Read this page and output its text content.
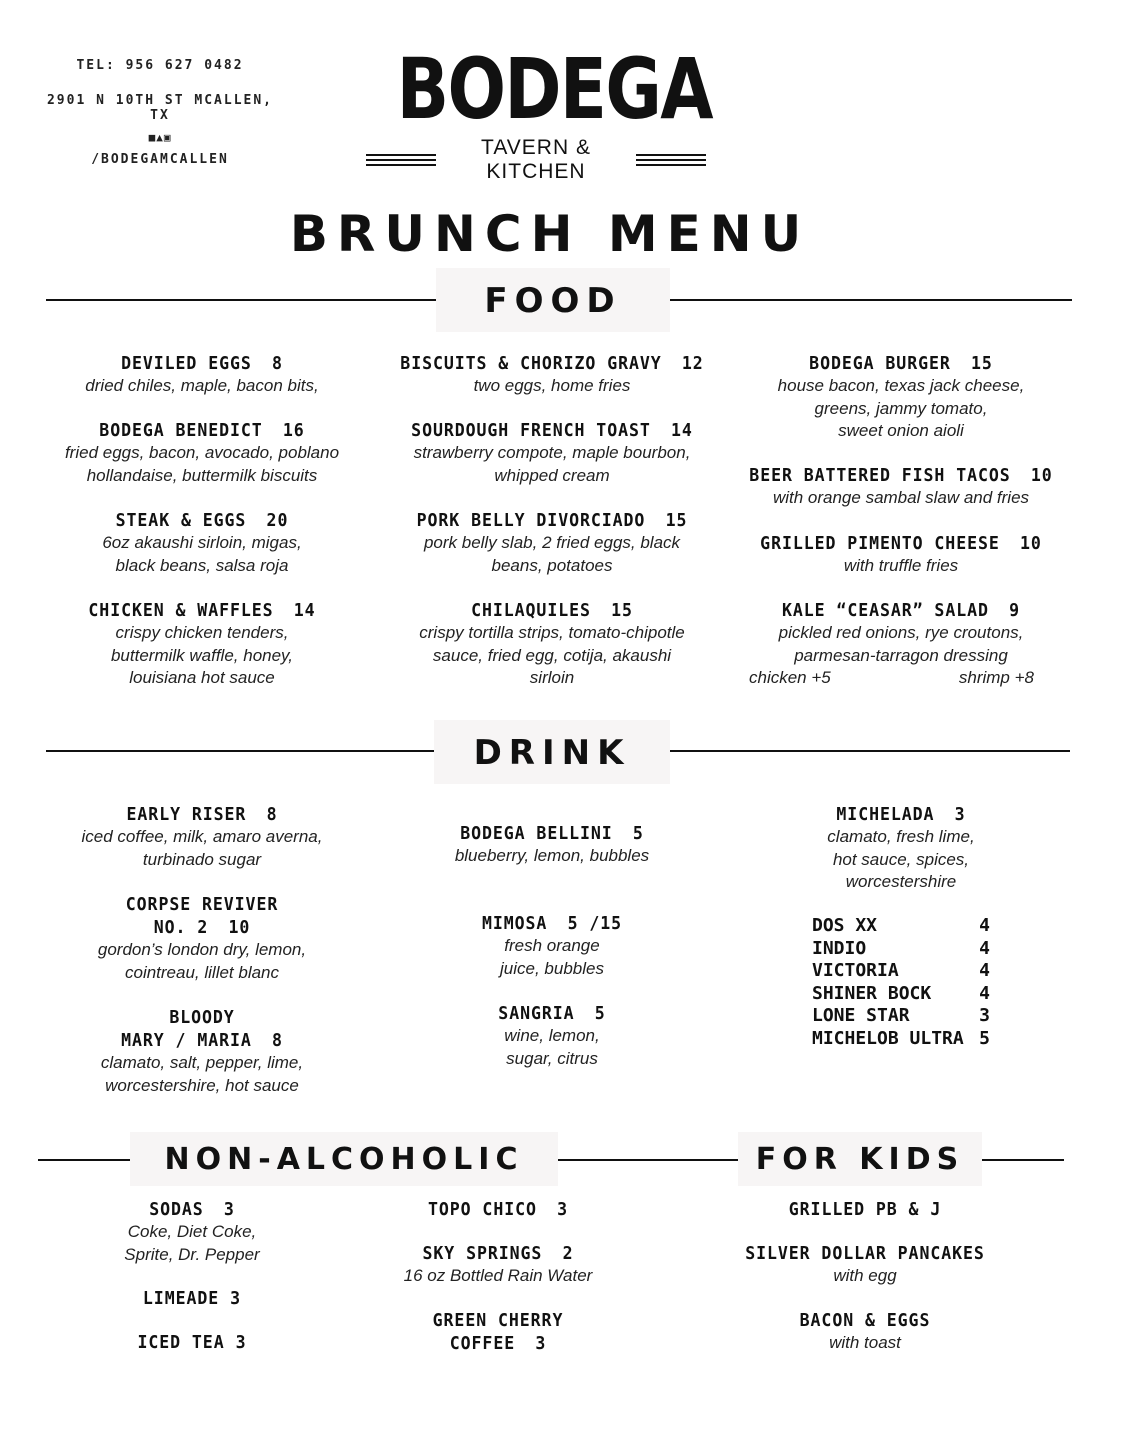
TEL: 956 627 0482
2901 N 10TH ST MCALLEN, TX
■▲▣
/BODEGAMCALLEN
BODEGA
TAVERN & KITCHEN
BRUNCH MENU
FOOD
DEVILED EGGS 8
dried chiles, maple, bacon bits,
BODEGA BENEDICT 16
fried eggs, bacon, avocado, poblano
hollandaise, buttermilk biscuits
STEAK & EGGS 20
6oz akaushi sirloin, migas,
black beans, salsa roja
CHICKEN & WAFFLES 14
crispy chicken tenders,
buttermilk waffle, honey,
louisiana hot sauce
BISCUITS & CHORIZO GRAVY 12
two eggs, home fries
SOURDOUGH FRENCH TOAST 14
strawberry compote, maple bourbon,
whipped cream
PORK BELLY DIVORCIADO 15
pork belly slab, 2 fried eggs, black
beans, potatoes
CHILAQUILES 15
crispy tortilla strips, tomato-chipotle
sauce, fried egg, cotija, akaushi
sirloin
BODEGA BURGER 15
house bacon, texas jack cheese,
greens, jammy tomato,
sweet onion aioli
BEER BATTERED FISH TACOS 10
with orange sambal slaw and fries
GRILLED PIMENTO CHEESE 10
with truffle fries
KALE “CEASAR” SALAD 9
pickled red onions, rye croutons,
parmesan-tarragon dressing
chicken +5	shrimp +8
DRINK
EARLY RISER 8
iced coffee, milk, amaro averna,
turbinado sugar
CORPSE REVIVER
NO. 2 10
gordon’s london dry, lemon,
cointreau, lillet blanc
BLOODY
MARY / MARIA 8
clamato, salt, pepper, lime,
worcestershire, hot sauce
BODEGA BELLINI 5
blueberry, lemon, bubbles
MIMOSA 5 /15
fresh orange
juice, bubbles
SANGRIA 5
wine, lemon,
sugar, citrus
MICHELADA 3
clamato, fresh lime,
hot sauce, spices,
worcestershire
DOS XX	4
INDIO	4
VICTORIA	4
SHINER BOCK	4
LONE STAR	3
MICHELOB ULTRA 5
NON-ALCOHOLIC	FOR KIDS
SODAS 3
Coke, Diet Coke,
Sprite, Dr. Pepper
LIMEADE 3
ICED TEA 3
TOPO CHICO 3
SKY SPRINGS 2
16 oz Bottled Rain Water
GREEN CHERRY
COFFEE 3
GRILLED PB & J
SILVER DOLLAR PANCAKES
with egg
BACON & EGGS
with toast
